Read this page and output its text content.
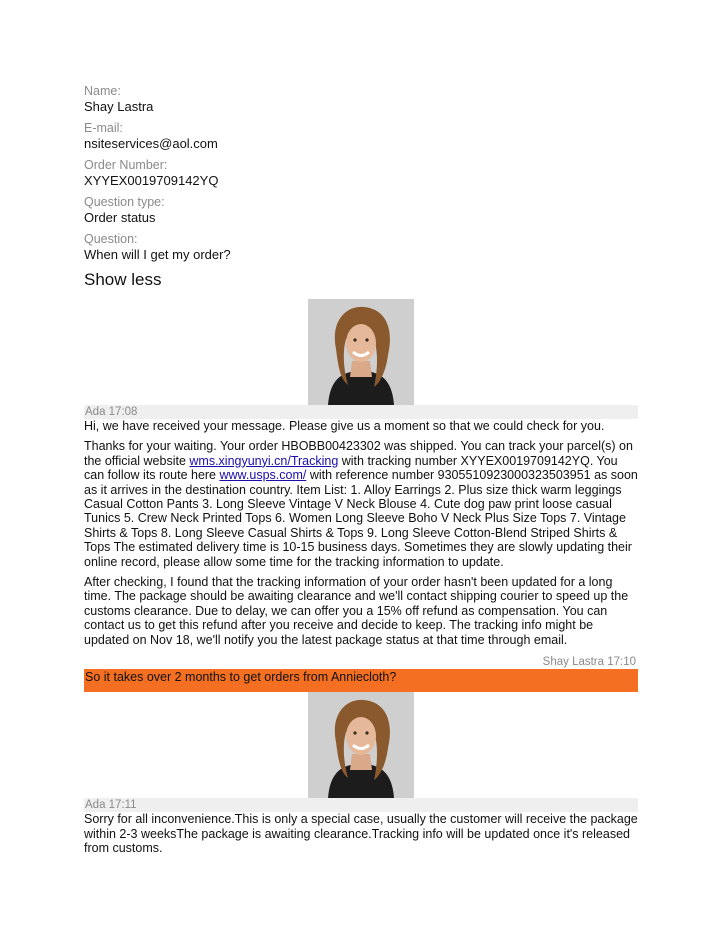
Name:
Shay Lastra
E-mail:
nsiteservices@aol.com
Order Number:
XYYEX0019709142YQ
Question type:
Order status
Question:
When will I get my order?
Show less
Ada 17:08

Hi, we have received your message. Please give us a moment so that we could check for you.

Thanks for your waiting. Your order HBOBB00423302 was shipped. You can track your parcel(s) on the official website wms.xingyunyi.cn/Tracking with tracking number XYYEX0019709142YQ. You can follow its route here www.usps.com/ with reference number 9305510923000323503951 as soon as it arrives in the destination country. Item List: 1. Alloy Earrings 2. Plus size thick warm leggings Casual Cotton Pants 3. Long Sleeve Vintage V Neck Blouse 4. Cute dog paw print loose casual Tunics 5. Crew Neck Printed Tops 6. Women Long Sleeve Boho V Neck Plus Size Tops 7. Vintage Shirts & Tops 8. Long Sleeve Casual Shirts & Tops 9. Long Sleeve Cotton-Blend Striped Shirts & Tops The estimated delivery time is 10-15 business days. Sometimes they are slowly updating their online record, please allow some time for the tracking information to update.

After checking, I found that the tracking information of your order hasn't been updated for a long time. The package should be awaiting clearance and we'll contact shipping courier to speed up the customs clearance. Due to delay, we can offer you a 15% off refund as compensation. You can contact us to get this refund after you receive and decide to keep. The tracking info might be updated on Nov 18, we'll notify you the latest package status at that time through email.

Shay Lastra 17:10
So it takes over 2 months to get orders from Anniecloth?
Ada 17:11

Sorry for all inconvenience.This is only a special case, usually the customer will receive the package within 2-3 weeksThe package is awaiting clearance.Tracking info will be updated once it's released from customs.
